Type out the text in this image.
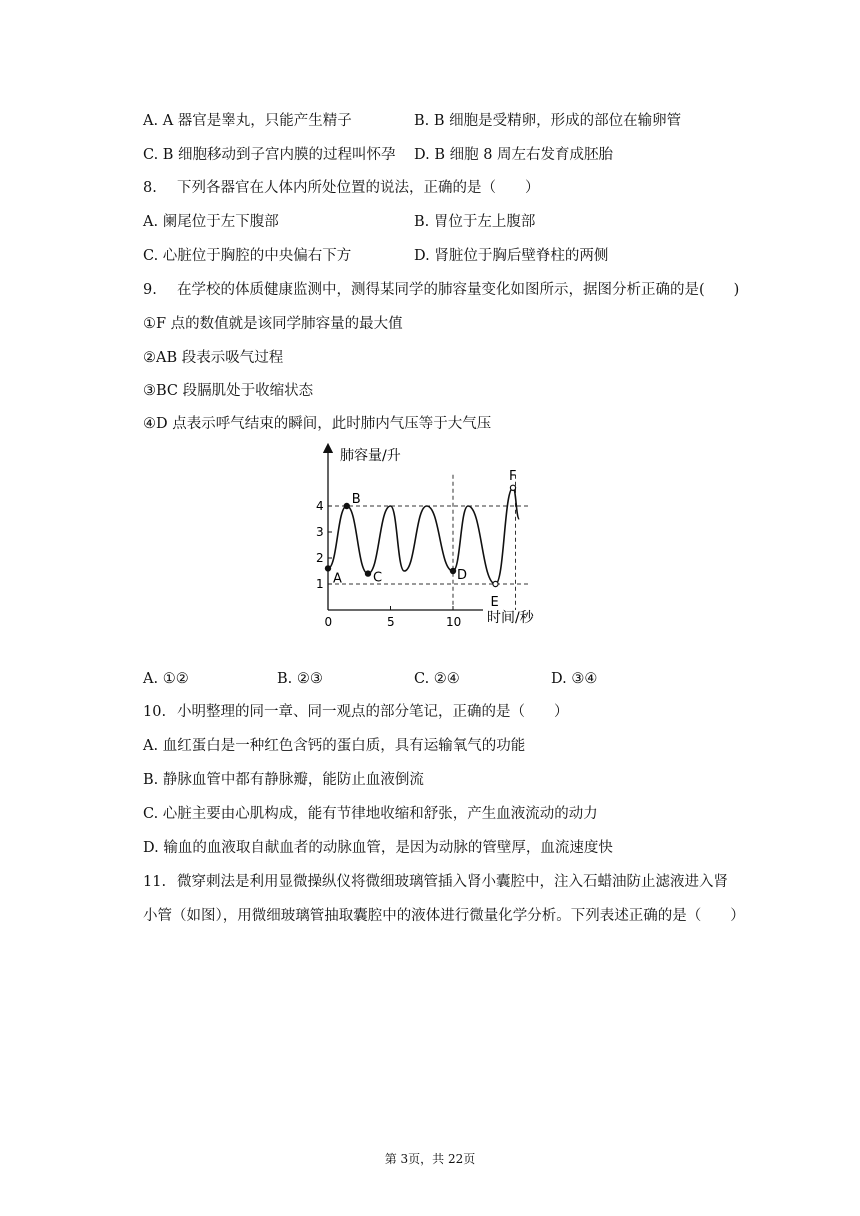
A. A 器官是睾丸，只能产生精子	B. B 细胞是受精卵，形成的部位在输卵管
C. B 细胞移动到子宫内膜的过程叫怀孕 D. B 细胞 8 周左右发育成胚胎
8. 下列各器官在人体内所处位置的说法，正确的是（　　）
A. 阑尾位于左下腹部	B. 胃位于左上腹部
C. 心脏位于胸腔的中央偏右下方	D. 肾脏位于胸后壁脊柱的两侧
9. 在学校的体质健康监测中，测得某同学的肺容量变化如图所示，据图分析正确的是(　　)
①F 点的数值就是该同学肺容量的最大值
②AB 段表示吸气过程
③BC 段膈肌处于收缩状态
④D 点表示呼气结束的瞬间，此时肺内气压等于大气压
肺容量/升
时间/秒
1
2
3
4
0	5	10
A
B
C	D
E
F
A. ①②	B. ②③	C. ②④	D. ③④
10. 小明整理的同一章、同一观点的部分笔记，正确的是（　　）
A. 血红蛋白是一种红色含钙的蛋白质，具有运输氧气的功能
B. 静脉血管中都有静脉瓣，能防止血液倒流
C. 心脏主要由心肌构成，能有节律地收缩和舒张，产生血液流动的动力
D. 输血的血液取自献血者的动脉血管，是因为动脉的管壁厚，血流速度快
11. 微穿刺法是利用显微操纵仪将微细玻璃管插入肾小囊腔中，注入石蜡油防止滤液进入肾
小管（如图），用微细玻璃管抽取囊腔中的液体进行微量化学分析。下列表述正确的是（　　）
第 3页，共 22页
